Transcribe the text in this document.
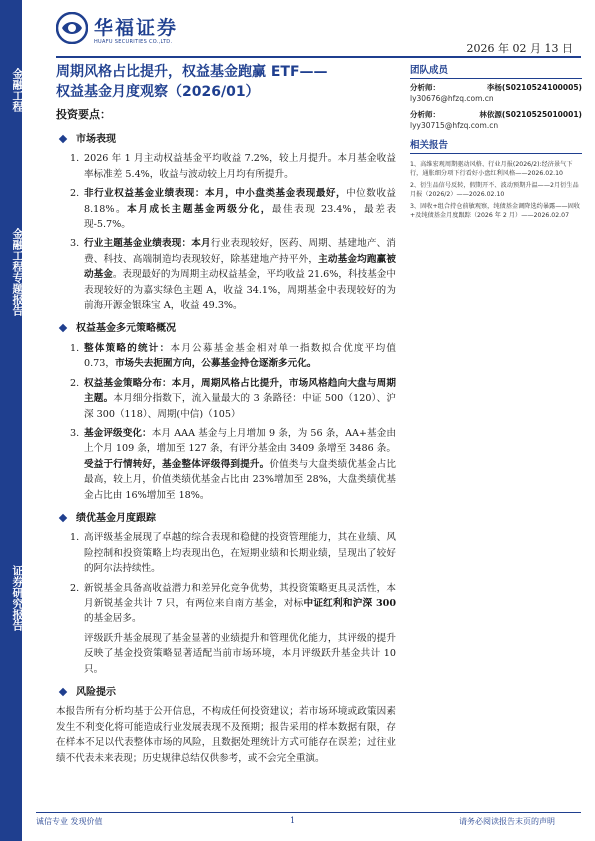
金融工程
金融工程专题报告
证券研究报告
华福证券
HUAFU SECURITIES CO.,LTD.	2026 年 02 月 13 日
周期风格占比提升，权益基金跑赢 ETF——
权益基金月度观察（2026/01）
投资要点：
市场表现
1. 2026 年 1 月主动权益基金平均收益 7.2%，较上月提升。本月基金收益率标准差 5.4%，收益与波动较上月均有所提升。
2. 非行业权益基金业绩表现：本月，中小盘类基金表现最好，中位数收益 8.18%。本月成长主题基金两级分化，最佳表现 23.4%，最差表现-5.7%。
3. 行业主题基金业绩表现：本月行业表现较好，医药、周期、基建地产、消费、科技、高端制造均表现较好，除基建地产持平外，主动基金均跑赢被动基金。表现最好的为周期主动权益基金，平均收益 21.6%，科技基金中表现较好的为嘉实绿色主题 A，收益 34.1%，周期基金中表现较好的为前海开源金银珠宝 A，收益 49.3%。
权益基金多元策略概况
1. 整体策略的统计：本月公募基金基金相对单一指数拟合优度平均值 0.73，市场失去扼囿方向，公募基金持仓逐渐多元化。
2. 权益基金策略分布：本月，周期风格占比提升，市场风格趋向大盘与周期主题。本月细分指数下，流入量最大的 3 条路径：中证 500（120）、沪深 300（118）、周期(中信)（105）
3. 基金评级变化：本月 AAA 基金与上月增加 9 条，为 56 条，AA+基金由上个月 109 条，增加至 127 条，有评分基金由 3409 条增至 3486 条。受益于行情转好，基金整体评级得到提升。价值类与大盘类绩优基金占比最高，较上月，价值类绩优基金占比由 23%增加至 28%，大盘类绩优基金占比由 16%增加至 18%。
绩优基金月度跟踪
1. 高评级基金展现了卓越的综合表现和稳健的投资管理能力，其在业绩、风险控制和投资策略上均表现出色，在短期业绩和长期业绩，呈现出了较好的阿尔法持续性。
2. 新锐基金具备高收益潜力和差异化竞争优势，其投资策略更具灵活性，本月新锐基金共计 7 只，有两位来自南方基金，对标中证红利和沪深 300的基金居多。
评级跃升基金展现了基金显著的业绩提升和管理优化能力，其评级的提升反映了基金投资策略显著适配当前市场环境，本月评级跃升基金共计 10 只。
风险提示
本报告所有分析均基于公开信息，不构成任何投资建议；若市场环境或政策因素发生不利变化将可能造成行业发展表现不及预期；报告采用的样本数据有限，存在样本不足以代表整体市场的风险，且数据处理统计方式可能存在误差；过往业绩不代表未来表现；历史规律总结仅供参考，或不会完全重演。
团队成员
分析师：	李杨(S0210524100005)
ly30676@hfzq.com.cn
分析师：	林依源(S0210525010001)
lyy30715@hfzq.com.cn
相关报告
1、高维宏观周期驱动风格、行业月报(2026/2):经济景气下行，通胀细分项下行看好小盘红利风格——2026.02.10
2、衍生品信号反转，假期开不、波动预期升温——2月衍生品月报（2026/2）——2026.02.10
3、固收+组合持仓前敏观察，纯债基金调降选约暴露——固收+及纯债基金月度跟踪（2026 年 2 月）——2026.02.07
诚信专业 发现价值	1	请务必阅读报告末页的声明
